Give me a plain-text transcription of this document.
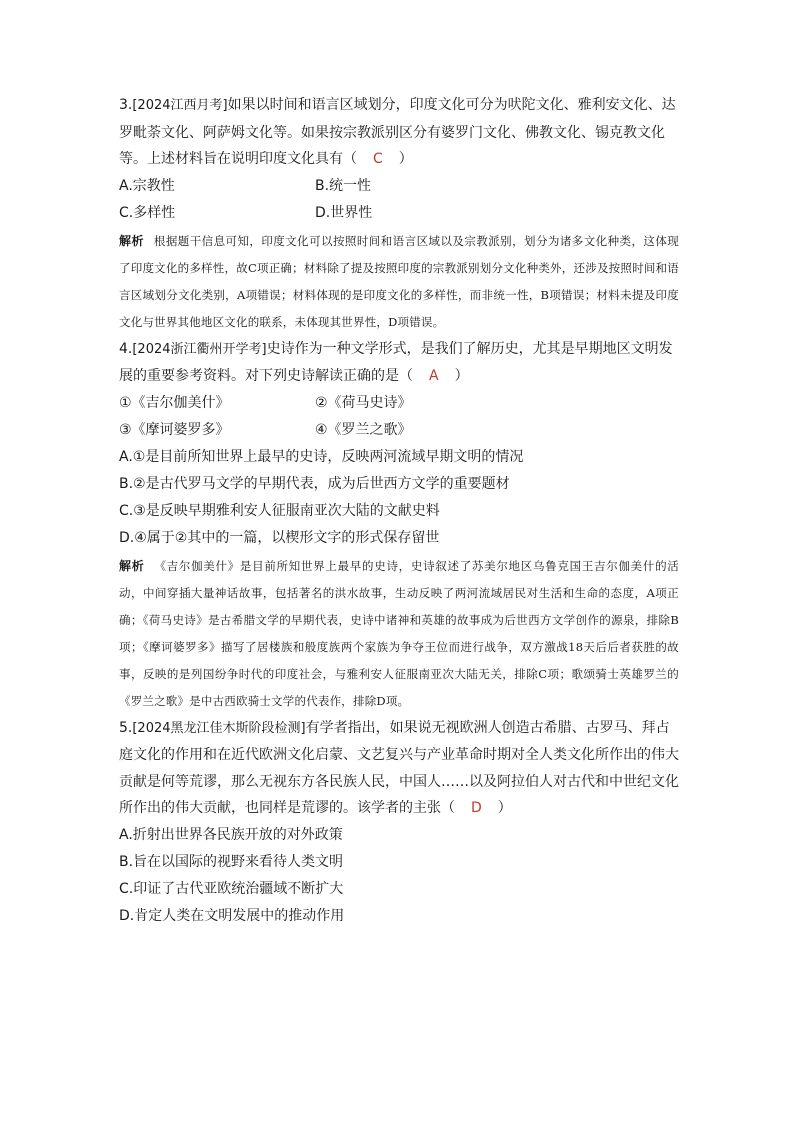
3.[2024江西月考]如果以时间和语言区域划分，印度文化可分为吠陀文化、雅利安文化、达罗毗荼文化、阿萨姆文化等。如果按宗教派别区分有婆罗门文化、佛教文化、锡克教文化等。上述材料旨在说明印度文化具有（ C ）

A.宗教性	B.统一性
C.多样性	D.世界性

解析 根据题干信息可知，印度文化可以按照时间和语言区域以及宗教派别，划分为诸多文化种类，这体现了印度文化的多样性，故C项正确；材料除了提及按照印度的宗教派别划分文化种类外，还涉及按照时间和语言区域划分文化类别，A项错误；材料体现的是印度文化的多样性，而非统一性，B项错误；材料未提及印度文化与世界其他地区文化的联系，未体现其世界性，D项错误。

4.[2024浙江衢州开学考]史诗作为一种文学形式，是我们了解历史，尤其是早期地区文明发展的重要参考资料。对下列史诗解读正确的是（ A ）

①《吉尔伽美什》	②《荷马史诗》
③《摩诃婆罗多》	④《罗兰之歌》

A.①是目前所知世界上最早的史诗，反映两河流域早期文明的情况

B.②是古代罗马文学的早期代表，成为后世西方文学的重要题材

C.③是反映早期雅利安人征服南亚次大陆的文献史料

D.④属于②其中的一篇，以楔形文字的形式保存留世

解析 《吉尔伽美什》是目前所知世界上最早的史诗，史诗叙述了苏美尔地区乌鲁克国王吉尔伽美什的活动，中间穿插大量神话故事，包括著名的洪水故事，生动反映了两河流域居民对生活和生命的态度，A项正确；《荷马史诗》是古希腊文学的早期代表，史诗中诸神和英雄的故事成为后世西方文学创作的源泉，排除B项；《摩诃婆罗多》描写了居楼族和般度族两个家族为争夺王位而进行战争，双方激战18天后后者获胜的故事，反映的是列国纷争时代的印度社会，与雅利安人征服南亚次大陆无关，排除C项；歌颂骑士英雄罗兰的《罗兰之歌》是中古西欧骑士文学的代表作，排除D项。

5.[2024黑龙江佳木斯阶段检测]有学者指出，如果说无视欧洲人创造古希腊、古罗马、拜占庭文化的作用和在近代欧洲文化启蒙、文艺复兴与产业革命时期对全人类文化所作出的伟大贡献是何等荒谬，那么无视东方各民族人民，中国人……以及阿拉伯人对古代和中世纪文化所作出的伟大贡献，也同样是荒谬的。该学者的主张（ D ）

A.折射出世界各民族开放的对外政策

B.旨在以国际的视野来看待人类文明

C.印证了古代亚欧统治疆域不断扩大

D.肯定人类在文明发展中的推动作用
